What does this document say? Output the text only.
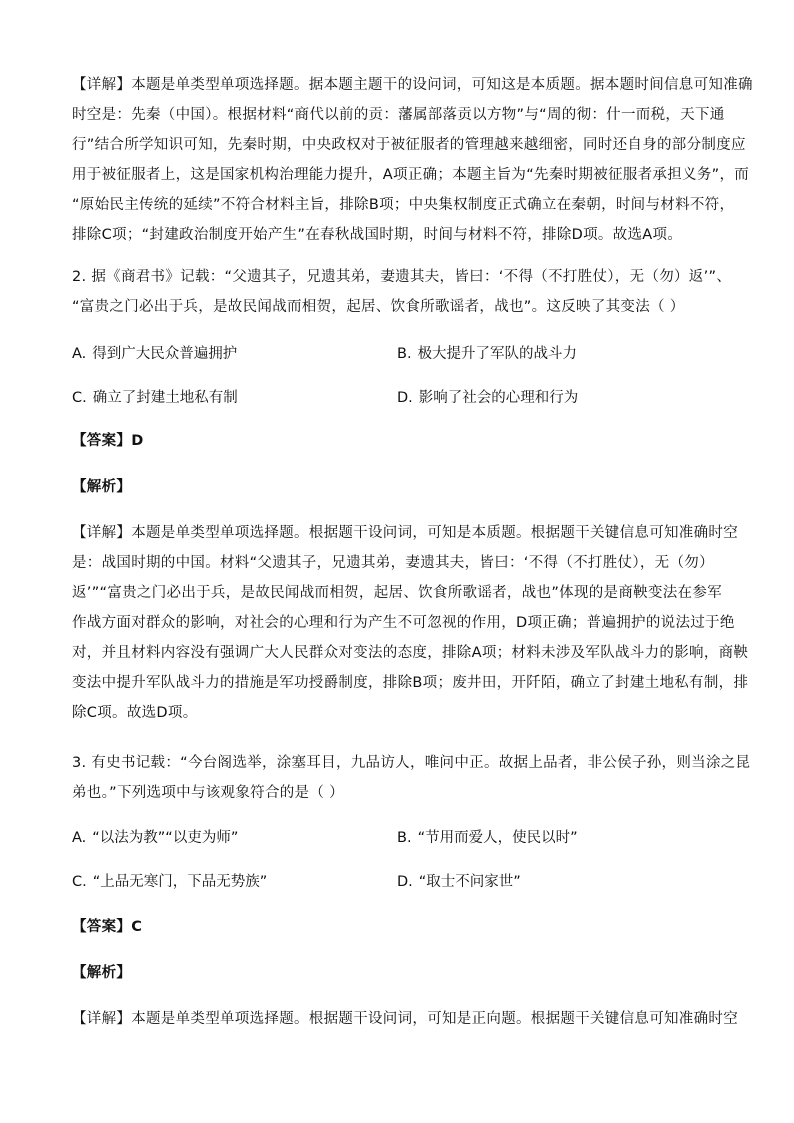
【详解】本题是单类型单项选择题。据本题主题干的设问词，可知这是本质题。据本题时间信息可知准确
时空是：先秦（中国）。根据材料“商代以前的贡：藩属部落贡以方物”与“周的彻：什一而税，天下通
行”结合所学知识可知，先秦时期，中央政权对于被征服者的管理越来越细密，同时还自身的部分制度应
用于被征服者上，这是国家机构治理能力提升，A项正确；本题主旨为“先秦时期被征服者承担义务”，而
“原始民主传统的延续”不符合材料主旨，排除B项；中央集权制度正式确立在秦朝，时间与材料不符，
排除C项；“封建政治制度开始产生”在春秋战国时期，时间与材料不符，排除D项。故选A项。
2. 据《商君书》记载：“父遗其子，兄遗其弟，妻遗其夫，皆曰：‘不得（不打胜仗），无（勿）返’”、
“富贵之门必出于兵，是故民闻战而相贺，起居、饮食所歌谣者，战也”。这反映了其变法（ ）
A. 得到广大民众普遍拥护	B. 极大提升了军队的战斗力
C. 确立了封建土地私有制	D. 影响了社会的心理和行为
【答案】D
【解析】
【详解】本题是单类型单项选择题。根据题干设问词，可知是本质题。根据题干关键信息可知准确时空
是：战国时期的中国。材料“父遗其子，兄遗其弟，妻遗其夫，皆曰：‘不得（不打胜仗），无（勿）
返’”“富贵之门必出于兵，是故民闻战而相贺，起居、饮食所歌谣者，战也”体现的是商鞅变法在参军
作战方面对群众的影响，对社会的心理和行为产生不可忽视的作用，D项正确；普遍拥护的说法过于绝
对，并且材料内容没有强调广大人民群众对变法的态度，排除A项；材料未涉及军队战斗力的影响，商鞅
变法中提升军队战斗力的措施是军功授爵制度，排除B项；废井田，开阡陌，确立了封建土地私有制，排
除C项。故选D项。
3. 有史书记载：“今台阁选举，涂塞耳目，九品访人，唯问中正。故据上品者，非公侯子孙，则当涂之昆
弟也。”下列选项中与该观象符合的是（ ）
A. “以法为教”“以吏为师”	B. “节用而爱人，使民以时”
C. “上品无寒门，下品无势族”	D. “取士不问家世”
【答案】C
【解析】
【详解】本题是单类型单项选择题。根据题干设问词，可知是正向题。根据题干关键信息可知准确时空
